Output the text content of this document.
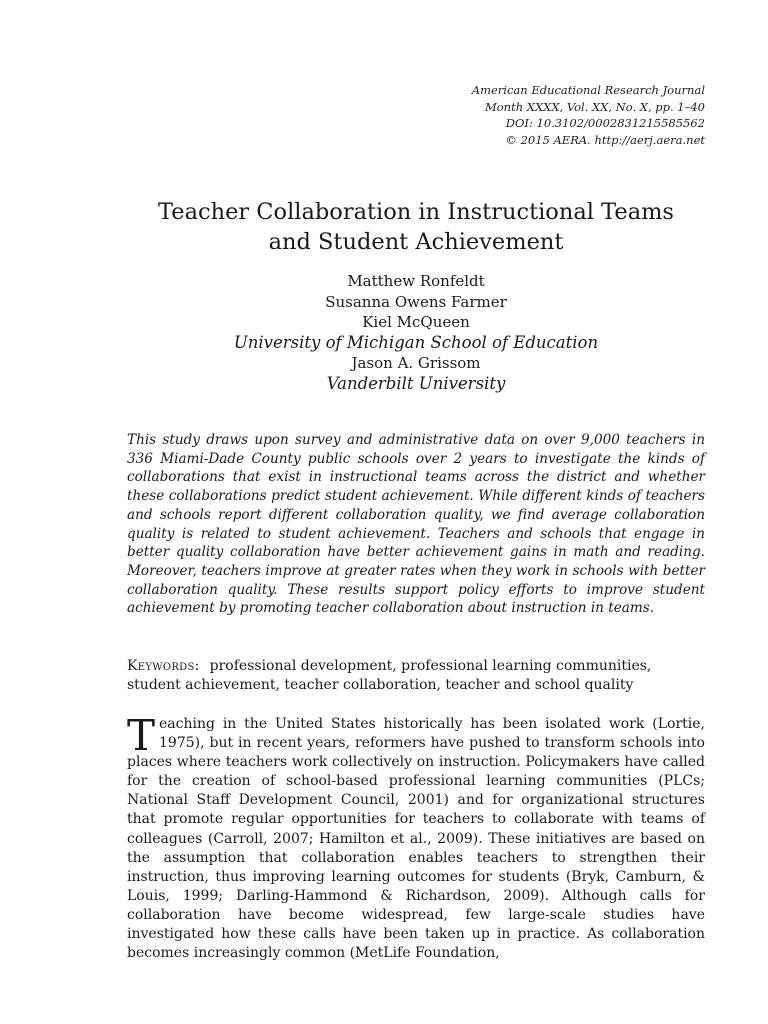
American Educational Research Journal
Month XXXX, Vol. XX, No. X, pp. 1–40
DOI: 10.3102/0002831215585562
© 2015 AERA. http://aerj.aera.net
Teacher Collaboration in Instructional Teams
and Student Achievement
Matthew Ronfeldt
Susanna Owens Farmer
Kiel McQueen
University of Michigan School of Education
Jason A. Grissom
Vanderbilt University

This study draws upon survey and administrative data on over 9,000 teachers in 336 Miami-Dade County public schools over 2 years to investigate the kinds of collaborations that exist in instructional teams across the district and whether these collaborations predict student achievement. While different kinds of teachers and schools report different collaboration quality, we find average collaboration quality is related to student achievement. Teachers and schools that engage in better quality collaboration have better achievement gains in math and reading. Moreover, teachers improve at greater rates when they work in schools with better collaboration quality. These results support policy efforts to improve student achievement by promoting teacher collaboration about instruction in teams.

Keywords: professional development, professional learning communities, student achievement, teacher collaboration, teacher and school quality

Teaching in the United States historically has been isolated work (Lortie, 1975), but in recent years, reformers have pushed to transform schools into places where teachers work collectively on instruction. Policymakers have called for the creation of school-based professional learning communities (PLCs; National Staff Development Council, 2001) and for organizational structures that promote regular opportunities for teachers to collaborate with teams of colleagues (Carroll, 2007; Hamilton et al., 2009). These initiatives are based on the assumption that collaboration enables teachers to strengthen their instruction, thus improving learning outcomes for students (Bryk, Camburn, & Louis, 1999; Darling-Hammond & Richardson, 2009). Although calls for collaboration have become widespread, few large-scale studies have investigated how these calls have been taken up in practice. As collaboration becomes increasingly common (MetLife Foundation,
